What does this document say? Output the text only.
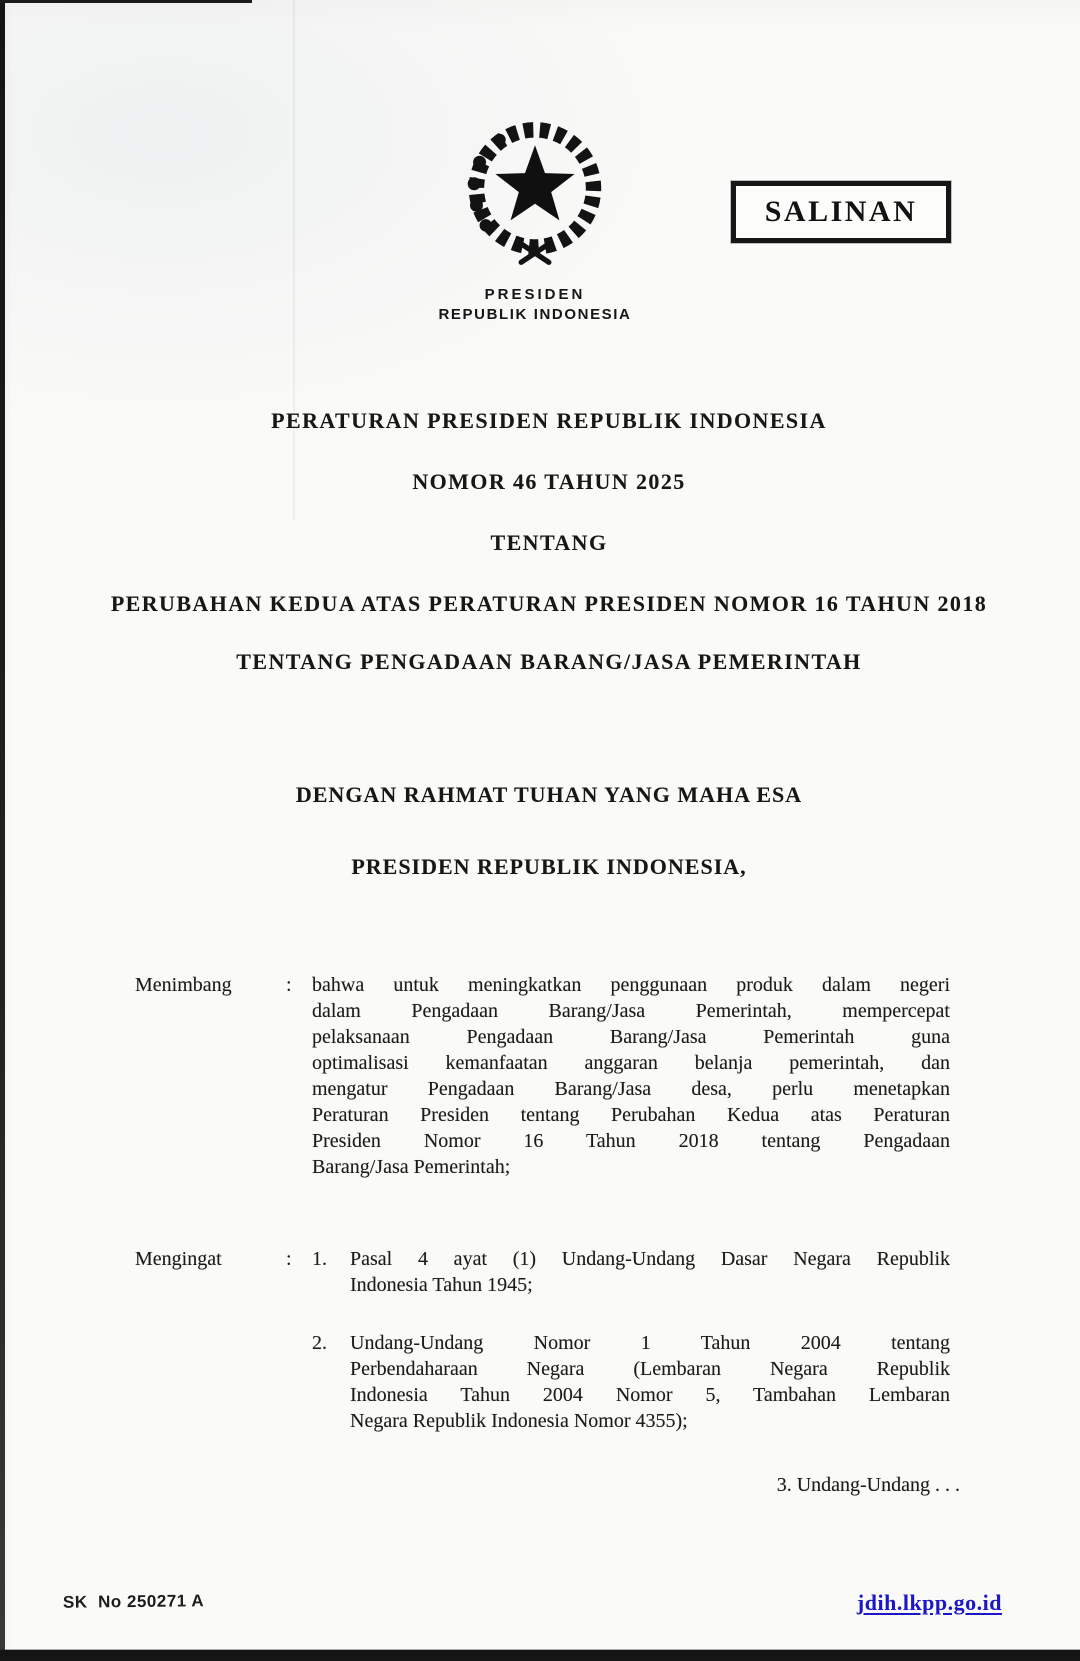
PRESIDEN
REPUBLIK INDONESIA
SALINAN
PERATURAN PRESIDEN REPUBLIK INDONESIA
NOMOR 46 TAHUN 2025
TENTANG
PERUBAHAN KEDUA ATAS PERATURAN PRESIDEN NOMOR 16 TAHUN 2018
TENTANG PENGADAAN BARANG/JASA PEMERINTAH
DENGAN RAHMAT TUHAN YANG MAHA ESA
PRESIDEN REPUBLIK INDONESIA,
Menimbang	: bahwa untuk meningkatkan penggunaan produk dalam negeri
dalam Pengadaan Barang/Jasa Pemerintah, mempercepat
pelaksanaan Pengadaan Barang/Jasa Pemerintah guna
optimalisasi kemanfaatan anggaran belanja pemerintah, dan
mengatur Pengadaan Barang/Jasa desa, perlu menetapkan
Peraturan Presiden tentang Perubahan Kedua atas Peraturan
Presiden Nomor 16 Tahun 2018 tentang Pengadaan
Barang/Jasa Pemerintah;
Mengingat	: 1.	Pasal 4 ayat (1) Undang-Undang Dasar Negara Republik
Indonesia Tahun 1945;
2.	Undang-Undang Nomor 1 Tahun 2004 tentang
Perbendaharaan Negara (Lembaran Negara Republik
Indonesia Tahun 2004 Nomor 5, Tambahan Lembaran
Negara Republik Indonesia Nomor 4355);
3. Undang-Undang . . .
SK  No 250271 A	jdih.lkpp.go.id
